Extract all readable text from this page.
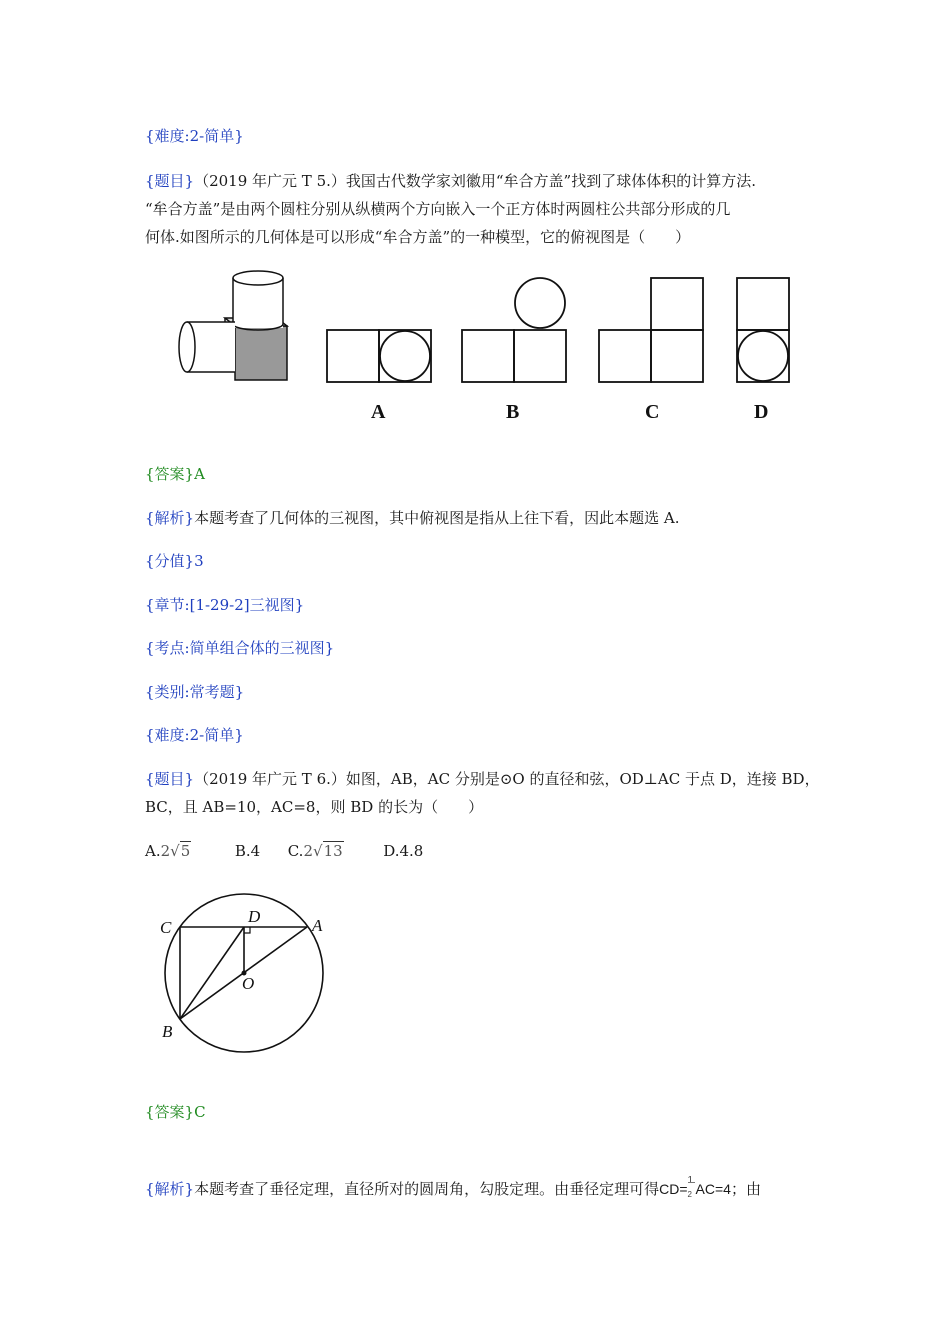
{难度:2-简单}
{题目}（2019 年广元 T 5.）我国古代数学家刘徽用“牟合方盖”找到了球体体积的计算方法.
“牟合方盖”是由两个圆柱分别从纵横两个方向嵌入一个正方体时两圆柱公共部分形成的几
何体.如图所示的几何体是可以形成“牟合方盖”的一种模型，它的俯视图是（　　）
A	B	C	D
{答案}A
{解析}本题考查了几何体的三视图，其中俯视图是指从上往下看，因此本题选 A.
{分值}3
{章节:[1-29-2]三视图}
{考点:简单组合体的三视图}
{类别:常考题}
{难度:2-简单}
{题目}（2019 年广元 T 6.）如图，AB，AC 分别是⊙O 的直径和弦，OD⊥AC 于点 D，连接 BD，
BC，且 AB=10，AC=8，则 BD 的长为（　　）
A.2√5	B.4 C.2√13	D.4.8
C
D	A
O
B
{答案}C
{解析}本题考查了垂径定理，直径所对的圆周角，勾股定理。由垂径定理可得CD=
1
2 AC=4；由
